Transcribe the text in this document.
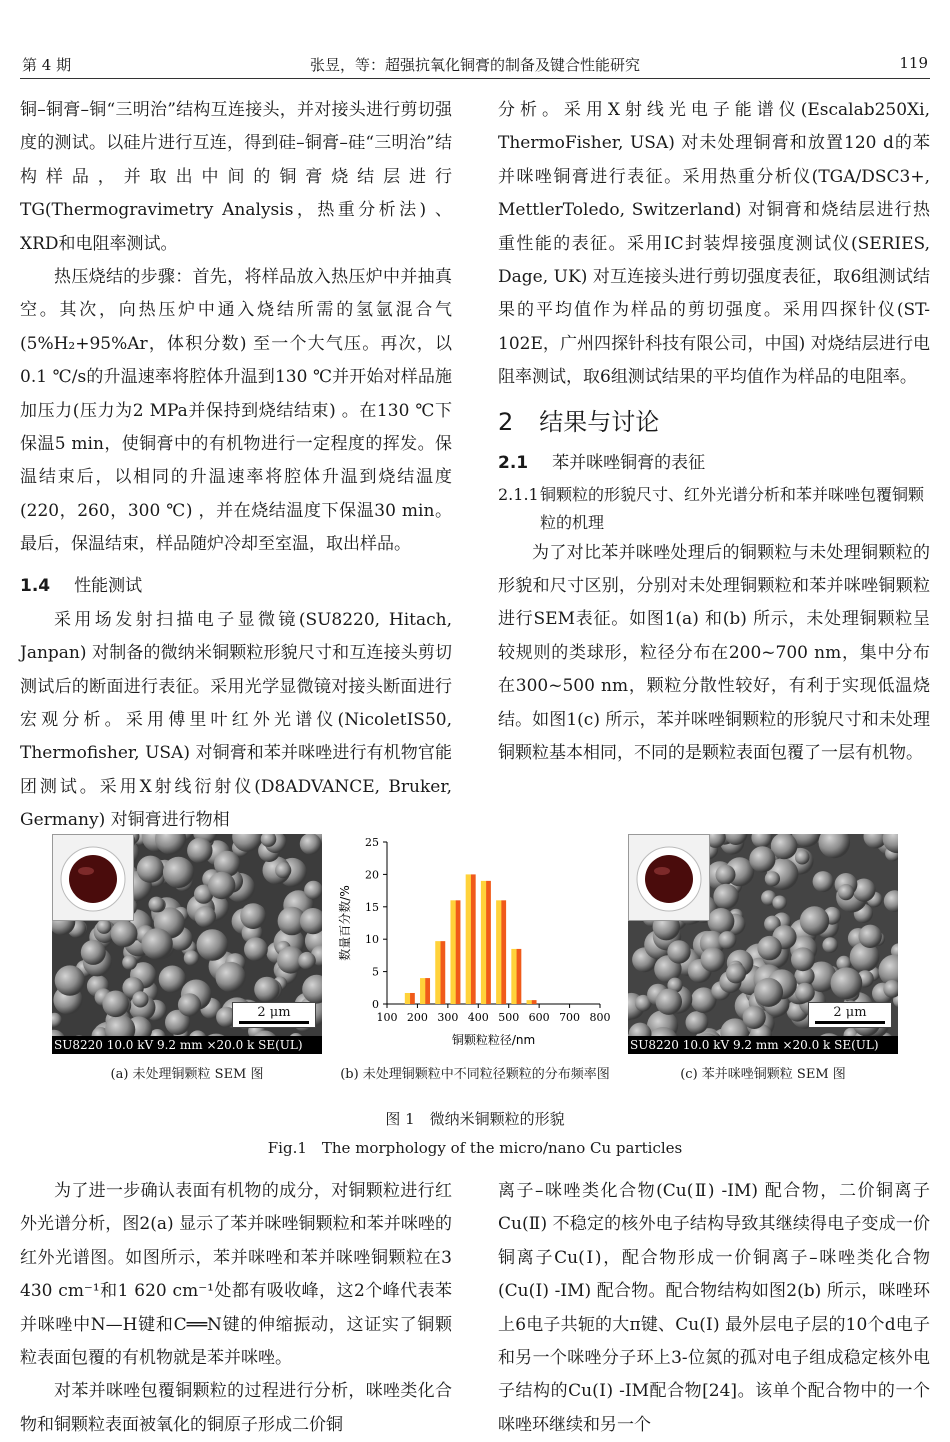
第 4 期	张昱，等：超强抗氧化铜膏的制备及键合性能研究	119

铜–铜膏–铜“三明治”结构互连接头，并对接头进行剪切强度的测试。以硅片进行互连，得到硅–铜膏–硅“三明治”结构样品，并取出中间的铜膏烧结层进行TG(Thermogravimetry Analysis，热重分析法) 、XRD和电阻率测试。

热压烧结的步骤：首先，将样品放入热压炉中并抽真空。其次，向热压炉中通入烧结所需的氢氩混合气(5%H₂+95%Ar，体积分数) 至一个大气压。再次，以0.1 ℃/s的升温速率将腔体升温到130 ℃并开始对样品施加压力(压力为2 MPa并保持到烧结结束) 。在130 ℃下保温5 min，使铜膏中的有机物进行一定程度的挥发。保温结束后，以相同的升温速率将腔体升温到烧结温度(220，260，300 ℃) ，并在烧结温度下保温30 min。最后，保温结束，样品随炉冷却至室温，取出样品。

1.4 性能测试

采用场发射扫描电子显微镜(SU8220, Hitach, Janpan) 对制备的微纳米铜颗粒形貌尺寸和互连接头剪切测试后的断面进行表征。采用光学显微镜对接头断面进行宏观分析。采用傅里叶红外光谱仪(NicoletIS50, Thermofisher, USA) 对铜膏和苯并咪唑进行有机物官能团测试。采用X射线衍射仪(D8ADVANCE, Bruker, Germany) 对铜膏进行物相

分析。采用X射线光电子能谱仪(Escalab250Xi, ThermoFisher, USA) 对未处理铜膏和放置120 d的苯并咪唑铜膏进行表征。采用热重分析仪(TGA/DSC3+, MettlerToledo, Switzerland) 对铜膏和烧结层进行热重性能的表征。采用IC封装焊接强度测试仪(SERIES, Dage, UK) 对互连接头进行剪切强度表征，取6组测试结果的平均值作为样品的剪切强度。采用四探针仪(ST-102E，广州四探针科技有限公司，中国) 对烧结层进行电阻率测试，取6组测试结果的平均值作为样品的电阻率。

2 结果与讨论
2.1 苯并咪唑铜膏的表征
2.1.1铜颗粒的形貌尺寸、红外光谱分析和苯并咪唑包覆铜颗粒的机理

为了对比苯并咪唑处理后的铜颗粒与未处理铜颗粒的形貌和尺寸区别，分别对未处理铜颗粒和苯并咪唑铜颗粒进行SEM表征。如图1(a) 和(b) 所示，未处理铜颗粒呈较规则的类球形，粒径分布在200~700 nm，集中分布在300~500 nm，颗粒分散性较好，有利于实现低温烧结。如图1(c) 所示，苯并咪唑铜颗粒的形貌尺寸和未处理铜颗粒基本相同，不同的是颗粒表面包覆了一层有机物。

2 μm
SU8220 10.0 kV 9.2 mm ×20.0 k SE(UL)
0
5
10
15
20
25
100 200 300 400 500 600 700 800
铜颗粒粒径/nm
数量百分数/%
2 μm
SU8220 10.0 kV 9.2 mm ×20.0 k SE(UL)
(a) 未处理铜颗粒 SEM 图	(b) 未处理铜颗粒中不同粒径颗粒的分布频率图	(c) 苯并咪唑铜颗粒 SEM 图
图 1　微纳米铜颗粒的形貌
Fig.1　The morphology of the micro/nano Cu particles

为了进一步确认表面有机物的成分，对铜颗粒进行红外光谱分析，图2(a) 显示了苯并咪唑铜颗粒和苯并咪唑的红外光谱图。如图所示，苯并咪唑和苯并咪唑铜颗粒在3 430 cm⁻¹和1 620 cm⁻¹处都有吸收峰，这2个峰代表苯并咪唑中N—H键和C══N键的伸缩振动，这证实了铜颗粒表面包覆的有机物就是苯并咪唑。

对苯并咪唑包覆铜颗粒的过程进行分析，咪唑类化合物和铜颗粒表面被氧化的铜原子形成二价铜

离子–咪唑类化合物(Cu(Ⅱ) -IM) 配合物，二价铜离子Cu(Ⅱ) 不稳定的核外电子结构导致其继续得电子变成一价铜离子Cu(Ⅰ)，配合物形成一价铜离子–咪唑类化合物(Cu(Ⅰ) -IM) 配合物。配合物结构如图2(b) 所示，咪唑环上6电子共轭的大π键、Cu(Ⅰ) 最外层电子层的10个d电子和另一个咪唑分子环上3-位氮的孤对电子组成稳定核外电子结构的Cu(Ⅰ) -IM配合物[24]。该单个配合物中的一个咪唑环继续和另一个
